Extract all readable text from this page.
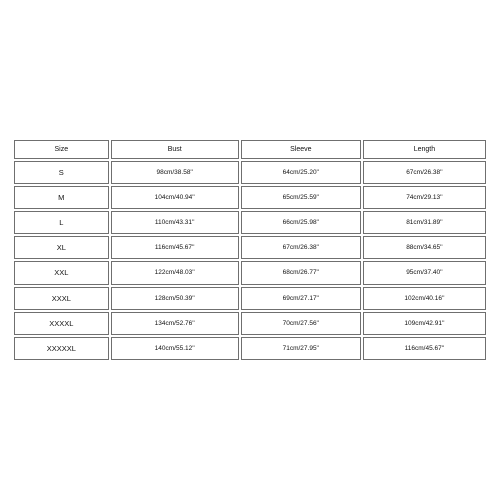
Size	Bust	Sleeve	Length
S	98cm/38.58''	64cm/25.20''	67cm/26.38''
M	104cm/40.94''	65cm/25.59''	74cm/29.13''
L	110cm/43.31''	66cm/25.98''	81cm/31.89''
XL	116cm/45.67''	67cm/26.38''	88cm/34.65''
XXL	122cm/48.03''	68cm/26.77''	95cm/37.40''
XXXL	128cm/50.39''	69cm/27.17''	102cm/40.16''
XXXXL	134cm/52.76''	70cm/27.56''	109cm/42.91''
XXXXXL	140cm/55.12''	71cm/27.95''	116cm/45.67''
